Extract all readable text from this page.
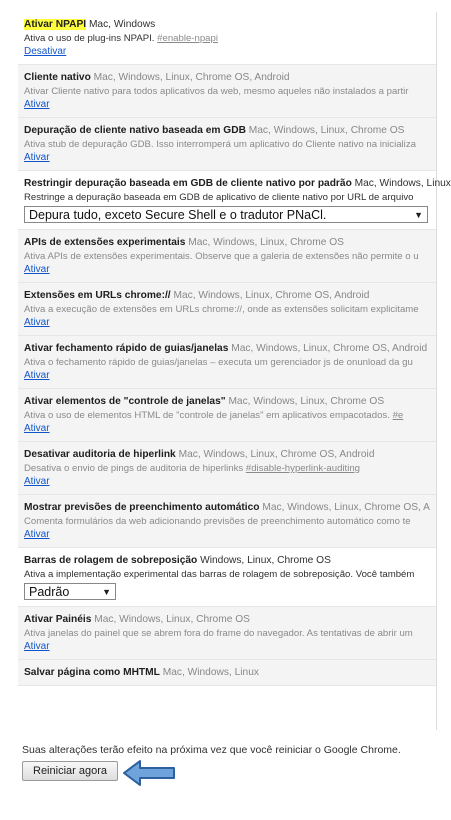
Ativar NPAPI Mac, Windows
Ativa o uso de plug-ins NPAPI. #enable-npapi
Desativar
Cliente nativo Mac, Windows, Linux, Chrome OS, Android
Ativar Cliente nativo para todos aplicativos da web, mesmo aqueles não instalados a partir
Ativar
Depuração de cliente nativo baseada em GDB Mac, Windows, Linux, Chrome OS
Ativa stub de depuração GDB. Isso interromperá um aplicativo do Cliente nativo na inicializa
Ativar
Restringir depuração baseada em GDB de cliente nativo por padrão Mac, Windows, Linux
Restringe a depuração baseada em GDB de aplicativo de cliente nativo por URL de arquivo
Depura tudo, exceto Secure Shell e o tradutor PNaCl.	▼
APIs de extensões experimentais Mac, Windows, Linux, Chrome OS
Ativa APIs de extensões experimentais. Observe que a galeria de extensões não permite o u
Ativar
Extensões em URLs chrome:// Mac, Windows, Linux, Chrome OS, Android
Ativa a execução de extensões em URLs chrome://, onde as extensões solicitam explicitame
Ativar
Ativar fechamento rápido de guias/janelas Mac, Windows, Linux, Chrome OS, Android
Ativa o fechamento rápido de guias/janelas – executa um gerenciador js de onunload da gu
Ativar
Ativar elementos de "controle de janelas" Mac, Windows, Linux, Chrome OS
Ativa o uso de elementos HTML de "controle de janelas" em aplicativos empacotados. #e
Ativar
Desativar auditoria de hiperlink Mac, Windows, Linux, Chrome OS, Android
Desativa o envio de pings de auditoria de hiperlinks #disable-hyperlink-auditing
Ativar
Mostrar previsões de preenchimento automático Mac, Windows, Linux, Chrome OS, A
Comenta formulários da web adicionando previsões de preenchimento automático como te
Ativar
Barras de rolagem de sobreposição Windows, Linux, Chrome OS
Ativa a implementação experimental das barras de rolagem de sobreposição. Você também
Padrão	▼
Ativar Painéis Mac, Windows, Linux, Chrome OS
Ativa janelas do painel que se abrem fora do frame do navegador. As tentativas de abrir um
Ativar
Salvar página como MHTML Mac, Windows, Linux
Suas alterações terão efeito na próxima vez que você reiniciar o Google Chrome.
Reiniciar agora
